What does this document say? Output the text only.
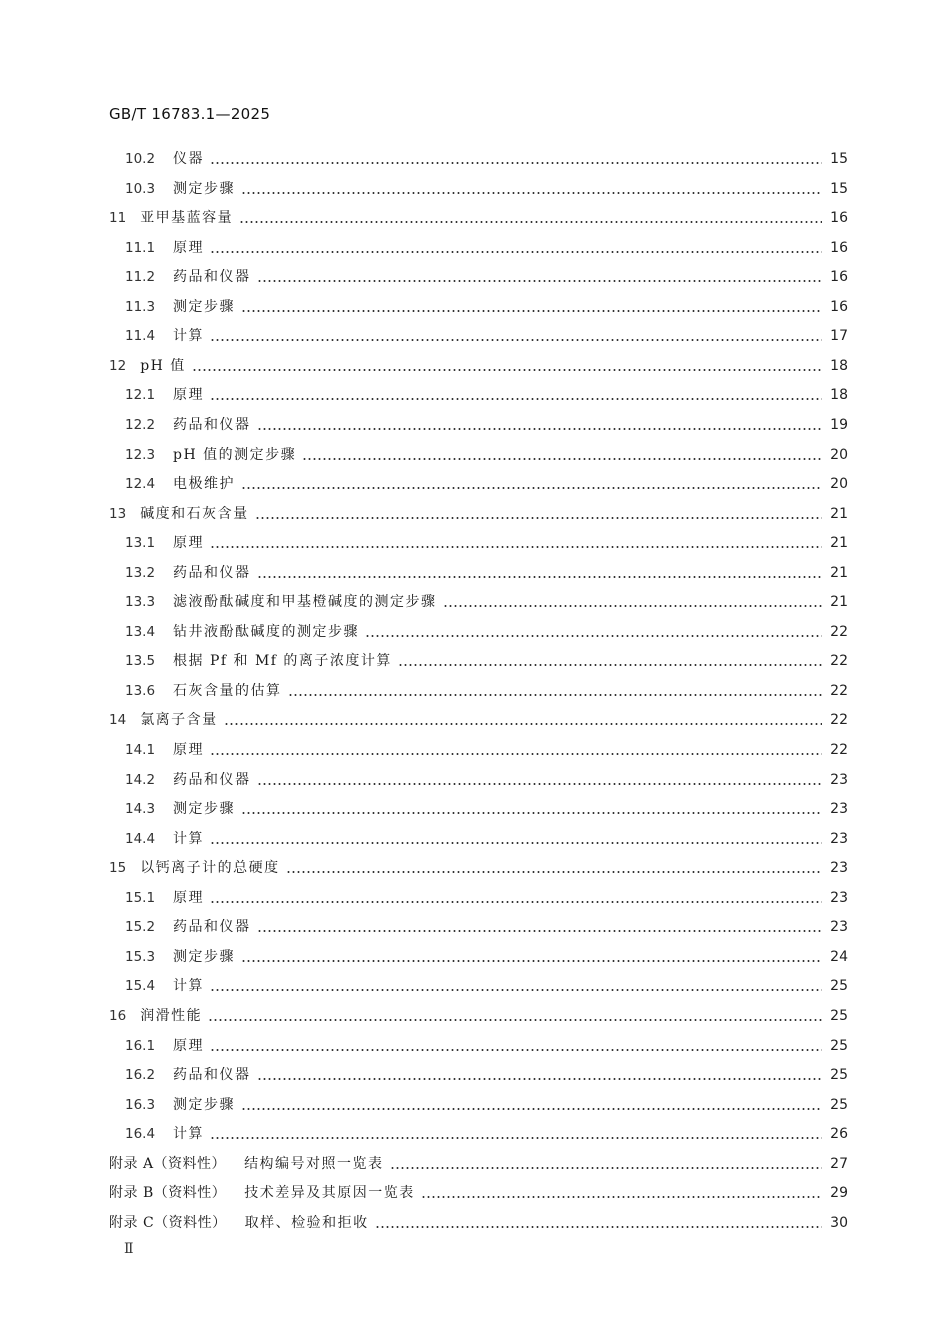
GB/T 16783.1—2025
10.2 仪器	15
10.3 测定步骤	15
11 亚甲基蓝容量	16
11.1 原理	16
11.2 药品和仪器	16
11.3 测定步骤	16
11.4 计算	17
12 pH 值	18
12.1 原理	18
12.2 药品和仪器	19
12.3 pH 值的测定步骤	20
12.4 电极维护	20
13 碱度和石灰含量	21
13.1 原理	21
13.2 药品和仪器	21
13.3 滤液酚酞碱度和甲基橙碱度的测定步骤	21
13.4 钻井液酚酞碱度的测定步骤	22
13.5 根据 Pf 和 Mf 的离子浓度计算	22
13.6 石灰含量的估算	22
14 氯离子含量	22
14.1 原理	22
14.2 药品和仪器	23
14.3 测定步骤	23
14.4 计算	23
15 以钙离子计的总硬度	23
15.1 原理	23
15.2 药品和仪器	23
15.3 测定步骤	24
15.4 计算	25
16 润滑性能	25
16.1 原理	25
16.2 药品和仪器	25
16.3 测定步骤	25
16.4 计算	26
附录 A（资料性） 结构编号对照一览表	27
附录 B（资料性） 技术差异及其原因一览表	29
附录 C（资料性） 取样、检验和拒收	30
Ⅱ
